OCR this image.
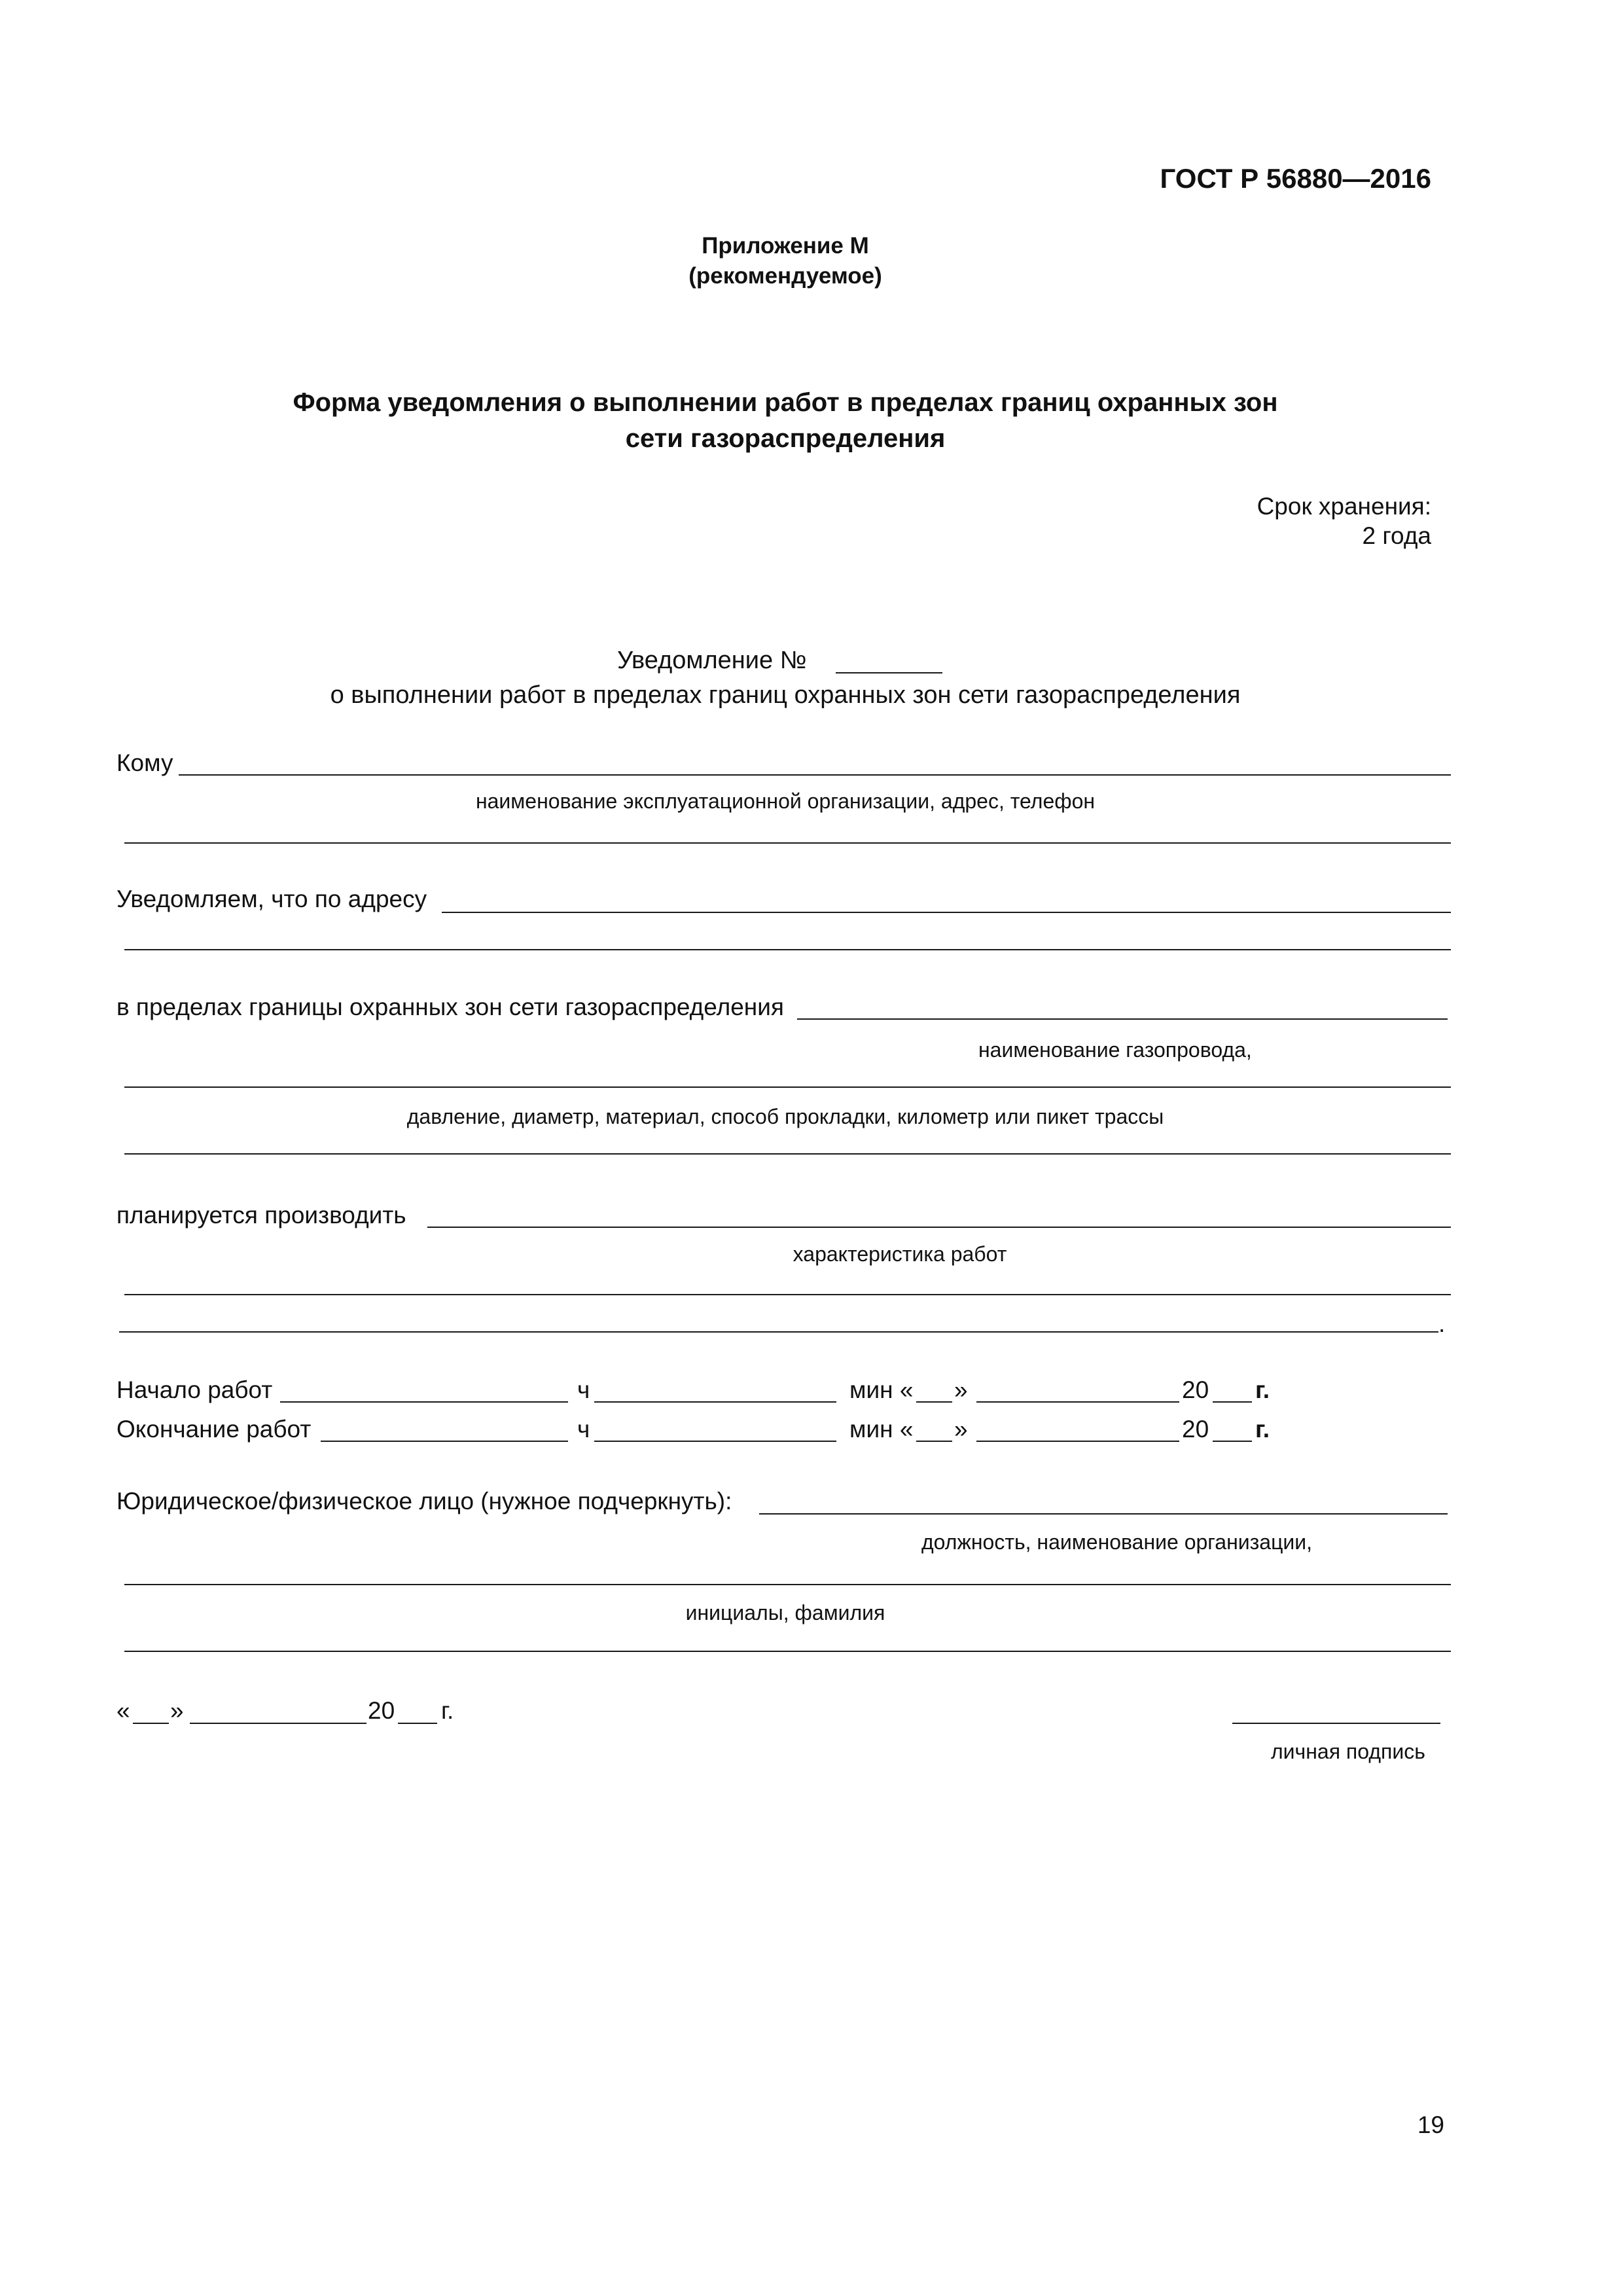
ГОСТ Р 56880—2016
Приложение М
(рекомендуемое)
Форма уведомления о выполнении работ в пределах границ охранных зон
сети газораспределения
Срок хранения:
2 года
Уведомление №
о выполнении работ в пределах границ охранных зон сети газораспределения
Кому
наименование эксплуатационной организации, адрес, телефон
Уведомляем, что по адресу
в пределах границы охранных зон сети газораспределения
наименование газопровода,
давление, диаметр, материал, способ прокладки, километр или пикет трассы
планируется производить
характеристика работ
.
Начало работ	ч	мин « »	20 г.
Окончание работ	ч	мин « »	20 г.
Юридическое/физическое лицо (нужное подчеркнуть):
должность, наименование организации,
инициалы, фамилия
« »	20 г.
личная подпись
19
